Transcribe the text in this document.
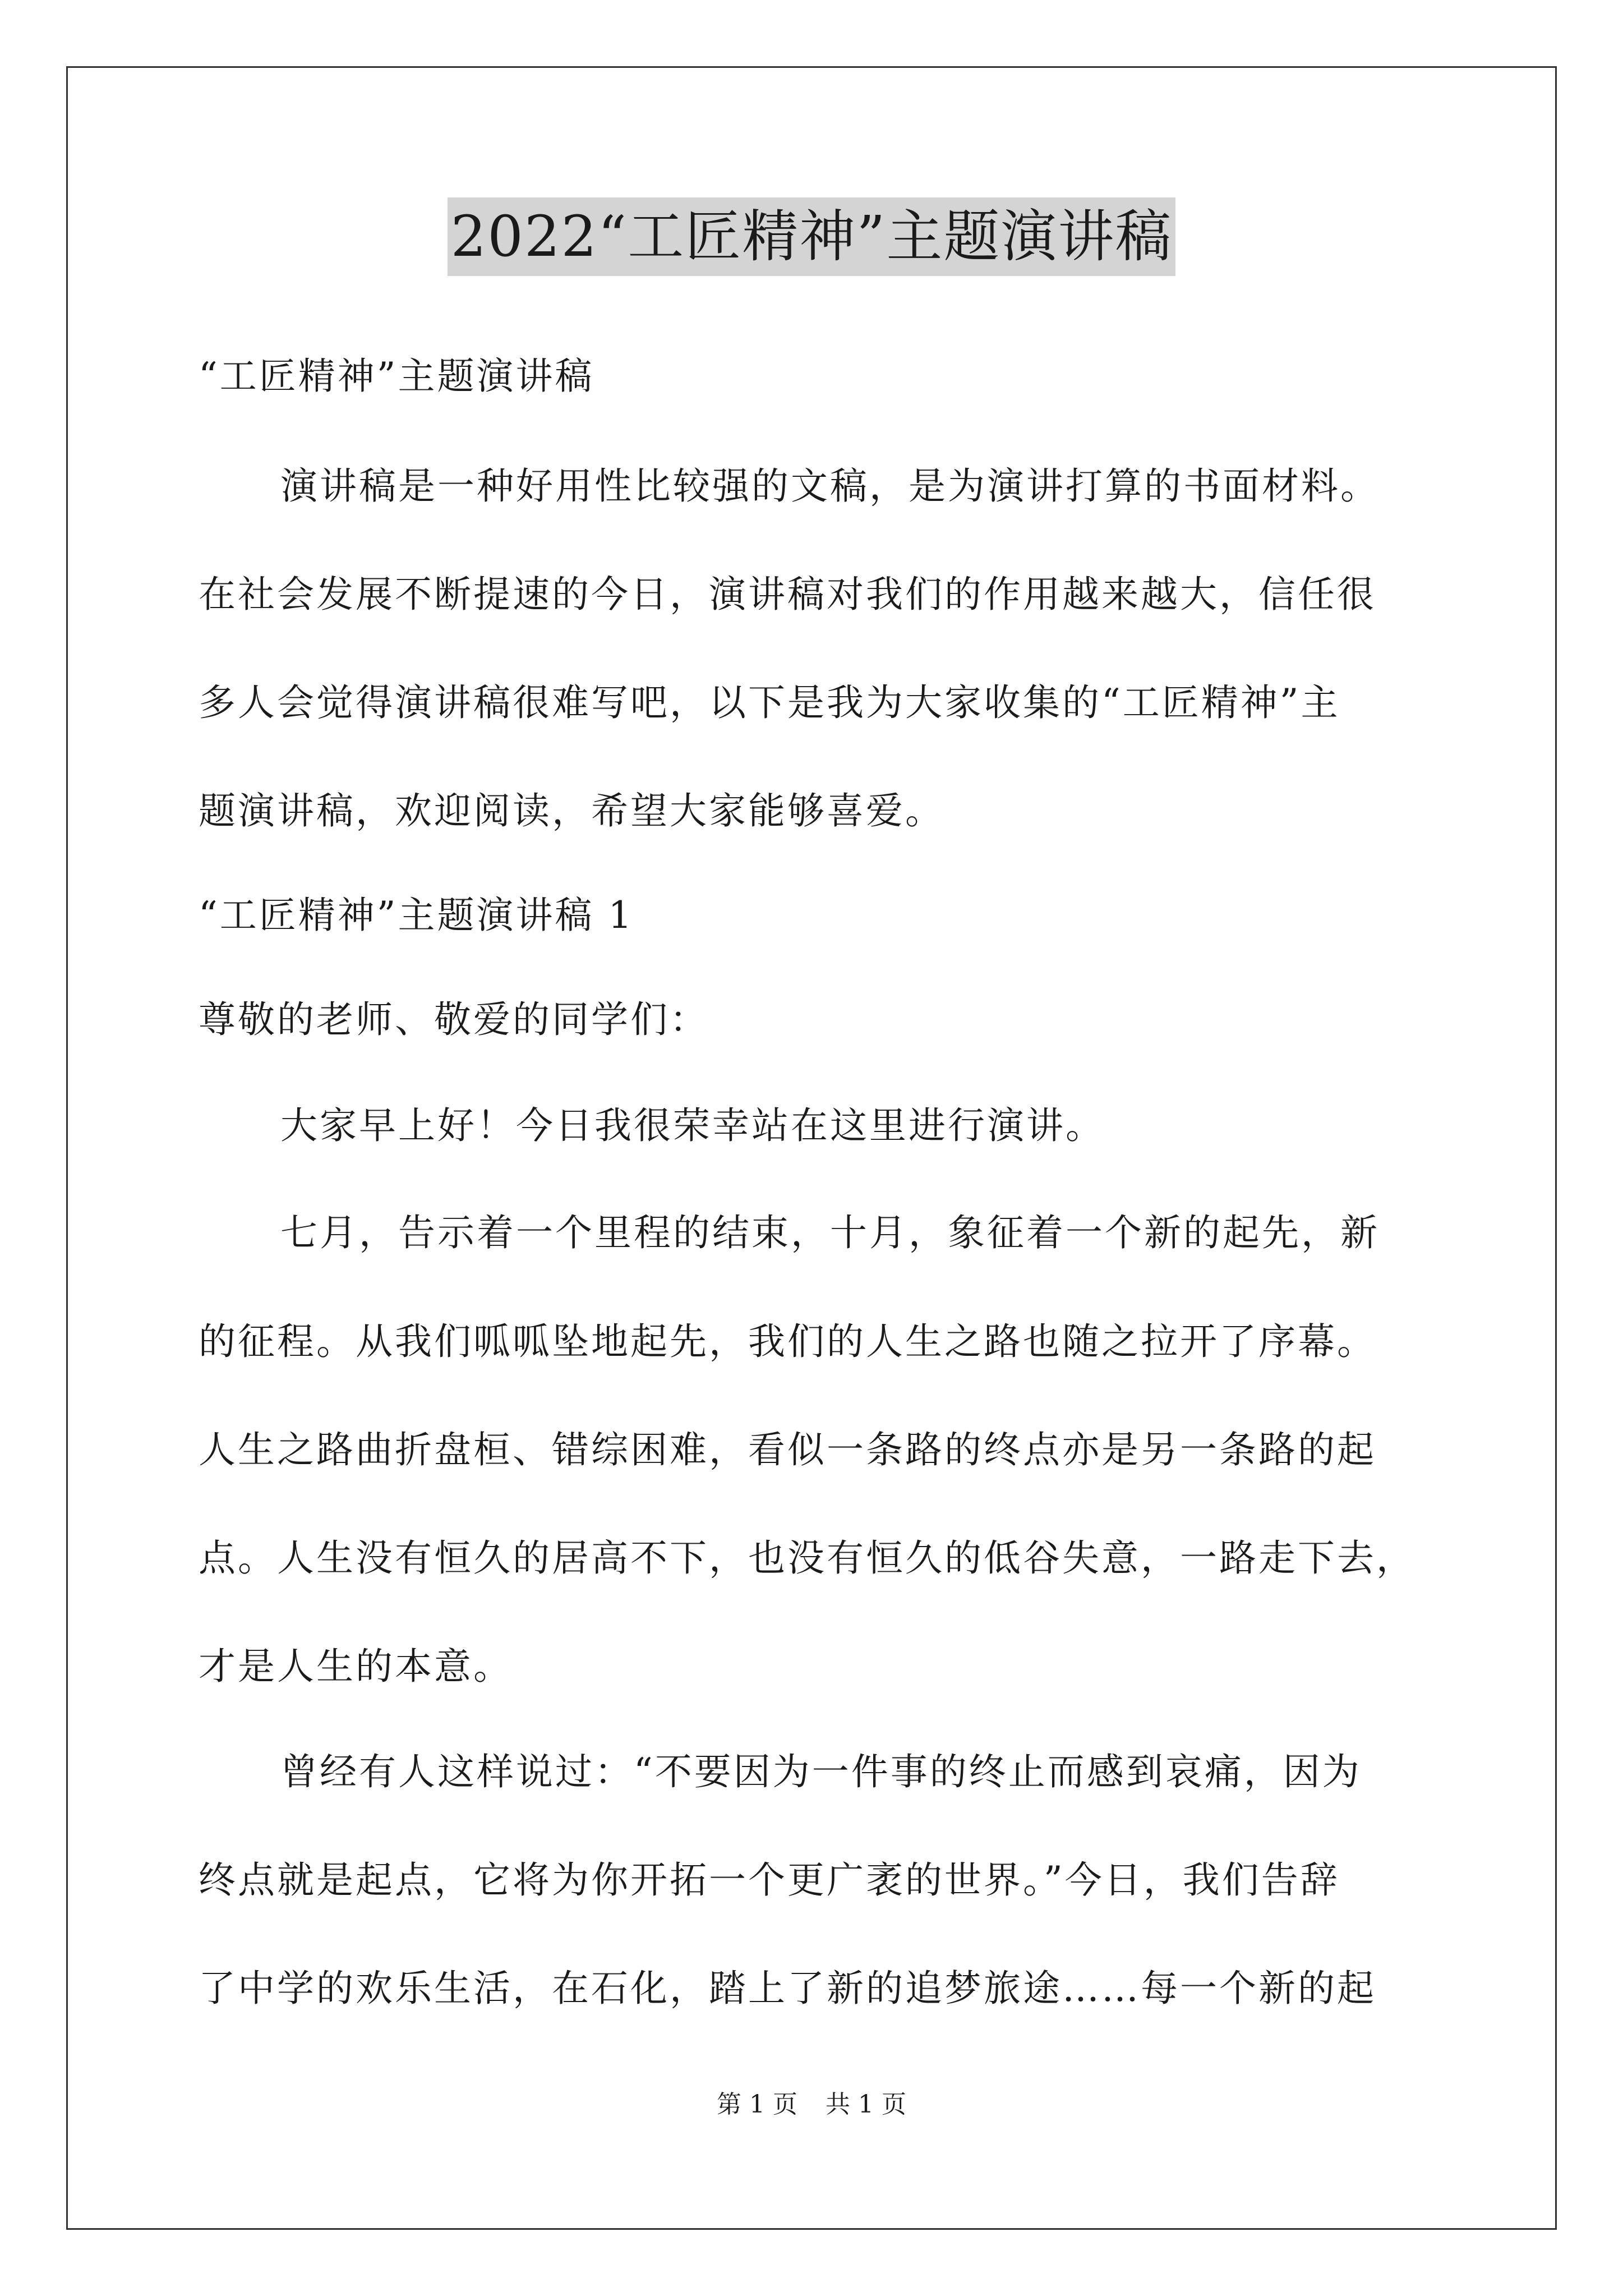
2022“工匠精神”主题演讲稿
“工匠精神”主题演讲稿
演讲稿是一种好用性比较强的文稿，是为演讲打算的书面材料。
在社会发展不断提速的今日，演讲稿对我们的作用越来越大，信任很
多人会觉得演讲稿很难写吧，以下是我为大家收集的“工匠精神”主
题演讲稿，欢迎阅读，希望大家能够喜爱。
“工匠精神”主题演讲稿 1
尊敬的老师、敬爱的同学们：
大家早上好！今日我很荣幸站在这里进行演讲。
七月，告示着一个里程的结束，十月，象征着一个新的起先，新
的征程。从我们呱呱坠地起先，我们的人生之路也随之拉开了序幕。
人生之路曲折盘桓、错综困难，看似一条路的终点亦是另一条路的起
点。人生没有恒久的居高不下，也没有恒久的低谷失意，一路走下去，
才是人生的本意。
曾经有人这样说过：“不要因为一件事的终止而感到哀痛，因为
终点就是起点，它将为你开拓一个更广袤的世界。”今日，我们告辞
了中学的欢乐生活，在石化，踏上了新的追梦旅途……每一个新的起
第 1 页 共 1 页
